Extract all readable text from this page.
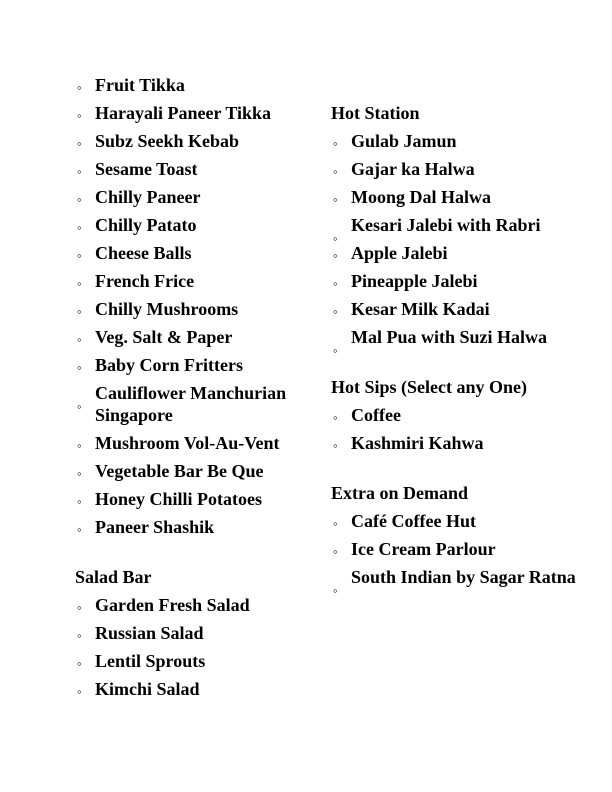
◦ Fruit Tikka
◦ Harayali Paneer Tikka
◦ Subz Seekh Kebab
◦ Sesame Toast
◦ Chilly Paneer
◦ Chilly Patato
◦ Cheese Balls
◦ French Frice
◦ Chilly Mushrooms
◦ Veg. Salt & Paper
◦ Baby Corn Fritters
◦
Cauliflower Manchurian Singapore
◦ Mushroom Vol-Au-Vent
◦ Vegetable Bar Be Que
◦ Honey Chilli Potatoes
◦ Paneer Shashik
Salad Bar
◦ Garden Fresh Salad
◦ Russian Salad
◦ Lentil Sprouts
◦ Kimchi Salad
Hot Station
◦ Gulab Jamun
◦ Gajar ka Halwa
◦ Moong Dal Halwa
◦
Kesari Jalebi with Rabri
◦ Apple Jalebi
◦ Pineapple Jalebi
◦ Kesar Milk Kadai
◦
Mal Pua with Suzi Halwa
Hot Sips (Select any One)
◦ Coffee
◦ Kashmiri Kahwa
Extra on Demand
◦ Café Coffee Hut
◦ Ice Cream Parlour
◦
South Indian by Sagar Ratna
